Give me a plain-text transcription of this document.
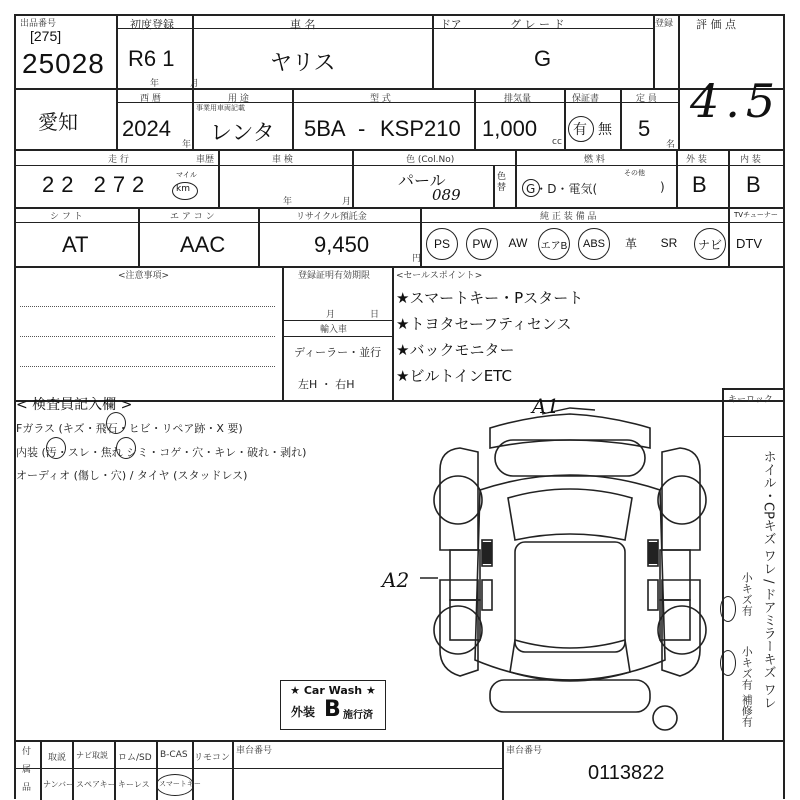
出品番号
[275]
25028
初度登録
R6 1
年 月
車 名
ヤリス
ドア	グ レ ー ド
G
登録 評 価 点
4.5
愛知
西 暦
2024
年
用 途
事業用車両記載
レンタ
型 式
5BA - KSP210
排気量
1,000
cc
保証書
有 無
定 員
5
名
走 行	車歴
22 272	マイル
km
車 検
年	月
色 (Col.No)
パール
089
色替
燃 料
G・D・電気(
その他
)
外 装
B
内 装
B
シ フ ト
AT
エ ア コ ン
AAC
リサイクル預託金
9,450
円
純 正 装 備 品	TVチューナー
PS	PW	AW	エアB	ABS	革	SR	ナビ	DTV
<注意事項>	登録証明有効期限
月	日
輸入車
ディーラー・並行
左H ・ 右H
<セールスポイント>
★スマートキー・Pスタート
★トヨタセーフティセンス
★バックモニター
★ビルトインETC
< 検査員記入欄 >
Fガラス (キズ・飛石・ヒビ・リペア跡・X 要)
内装 (汚・スレ・焦れ シミ・コゲ・穴・キレ・破れ・剥れ)
オーディオ (傷し・穴) / タイヤ (スタッドレス)
キーロック
ホイル・CPキズ ワレ / ドアミラーキズ ワレ
小キズ有
小キズ有
補修有
A1
A2
★ Car Wash ★
外装 B 施行済
付
属
品
取説 ナビ取説 ロム/SD B-CAS リモコン
ナンバー スペアキー キーレス スマートキー
車台番号	車台番号
0113822
